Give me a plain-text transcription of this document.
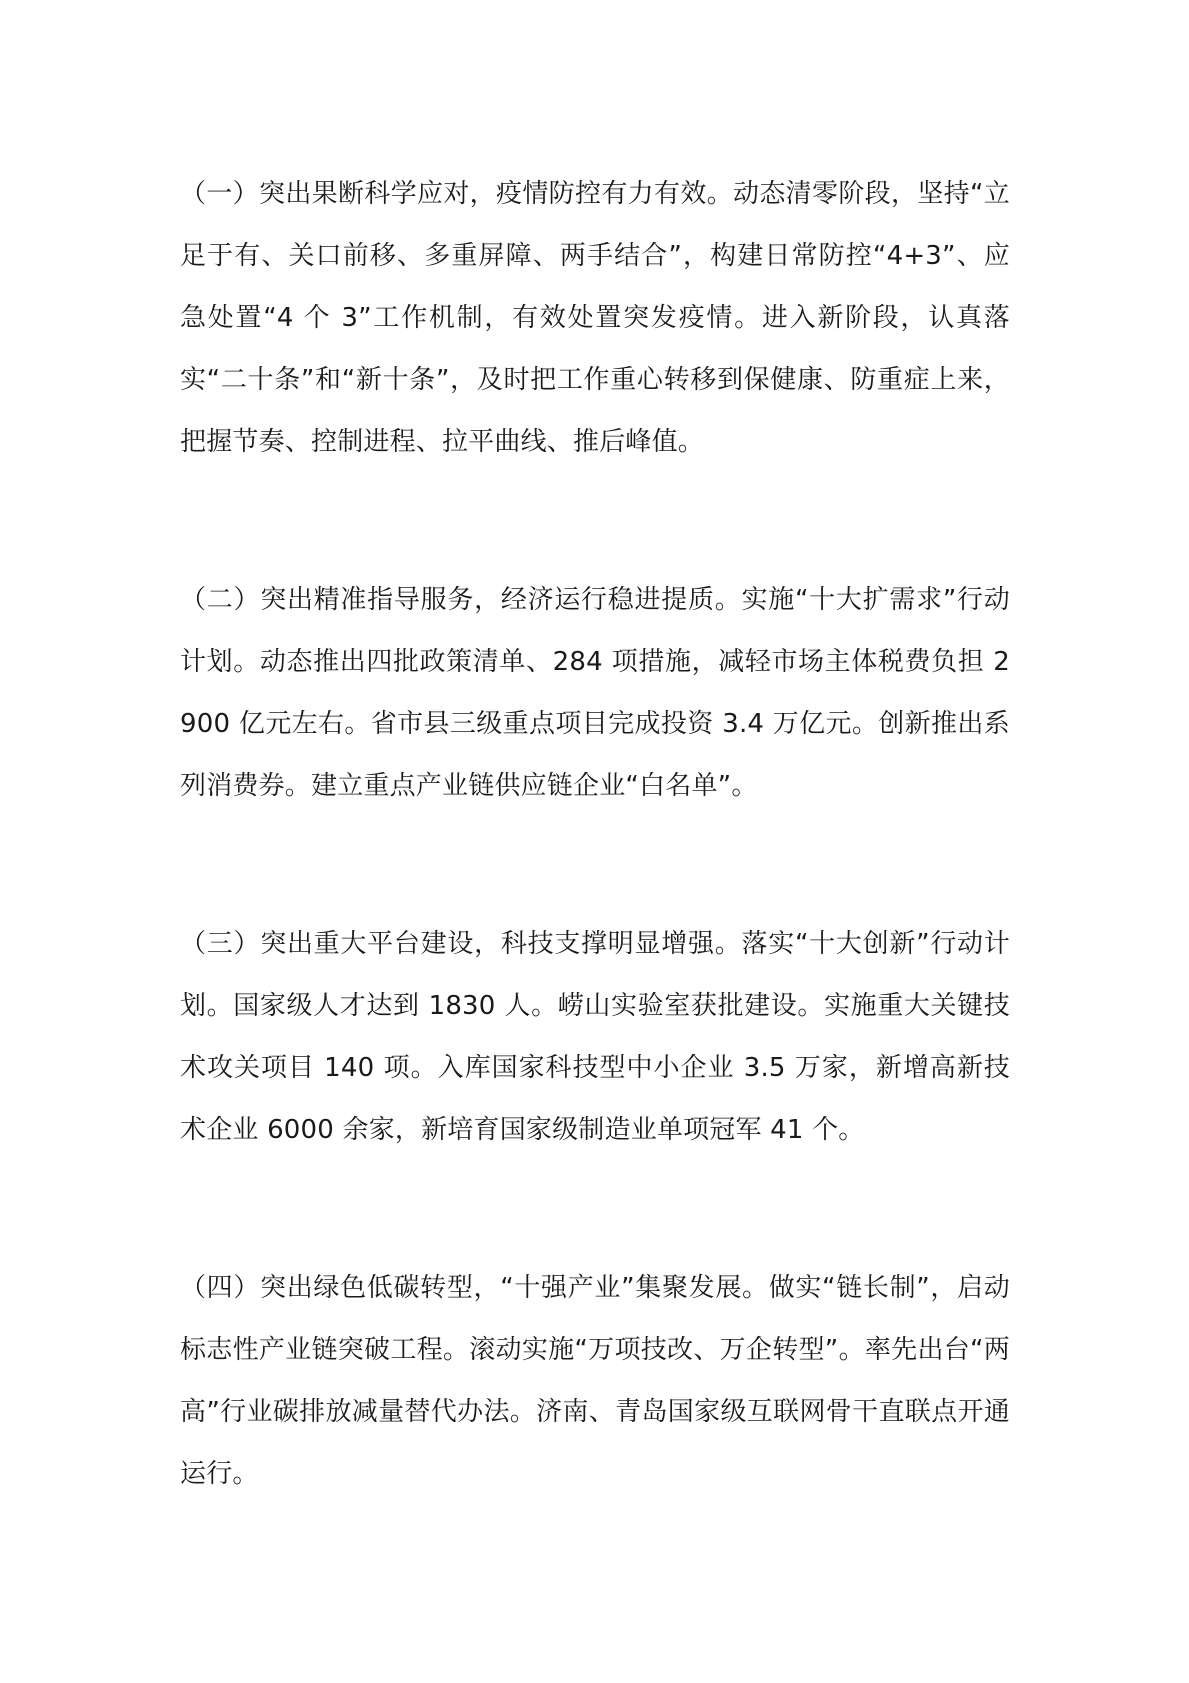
（一）突出果断科学应对，疫情防控有力有效。动态清零阶段，坚持“立足于有、关口前移、多重屏障、两手结合”，构建日常防控“4+3”、应急处置“4 个 3”工作机制，有效处置突发疫情。进入新阶段，认真落实“二十条”和“新十条”，及时把工作重心转移到保健康、防重症上来，把握节奏、控制进程、拉平曲线、推后峰值。

（二）突出精准指导服务，经济运行稳进提质。实施“十大扩需求”行动计划。动态推出四批政策清单、284 项措施，减轻市场主体税费负担 2900 亿元左右。省市县三级重点项目完成投资 3.4 万亿元。创新推出系列消费券。建立重点产业链供应链企业“白名单”。

（三）突出重大平台建设，科技支撑明显增强。落实“十大创新”行动计划。国家级人才达到 1830 人。崂山实验室获批建设。实施重大关键技术攻关项目 140 项。入库国家科技型中小企业 3.5 万家，新增高新技术企业 6000 余家，新培育国家级制造业单项冠军 41 个。

（四）突出绿色低碳转型，“十强产业”集聚发展。做实“链长制”，启动标志性产业链突破工程。滚动实施“万项技改、万企转型”。率先出台“两高”行业碳排放减量替代办法。济南、青岛国家级互联网骨干直联点开通运行。
